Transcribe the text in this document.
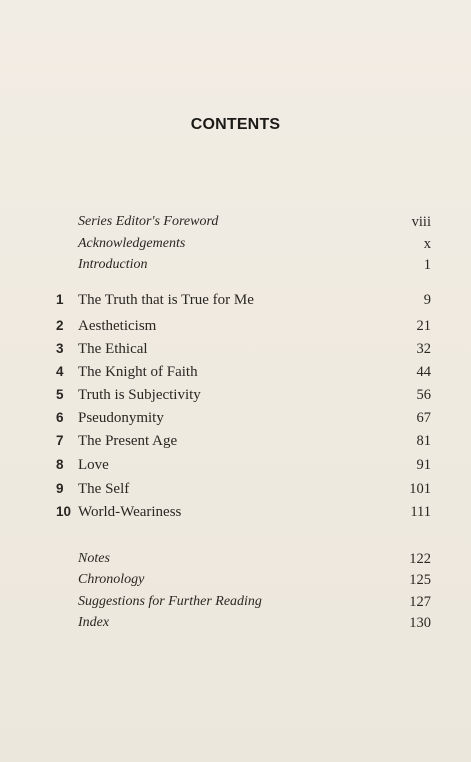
CONTENTS
Series Editor's Foreword	viii
Acknowledgements	x
Introduction	1
1 The Truth that is True for Me	9
2 Aestheticism	21
3 The Ethical	32
4 The Knight of Faith	44
5 Truth is Subjectivity	56
6 Pseudonymity	67
7 The Present Age	81
8 Love	91
9 The Self	101
10 World-Weariness	111
Notes	122
Chronology	125
Suggestions for Further Reading	127
Index	130
